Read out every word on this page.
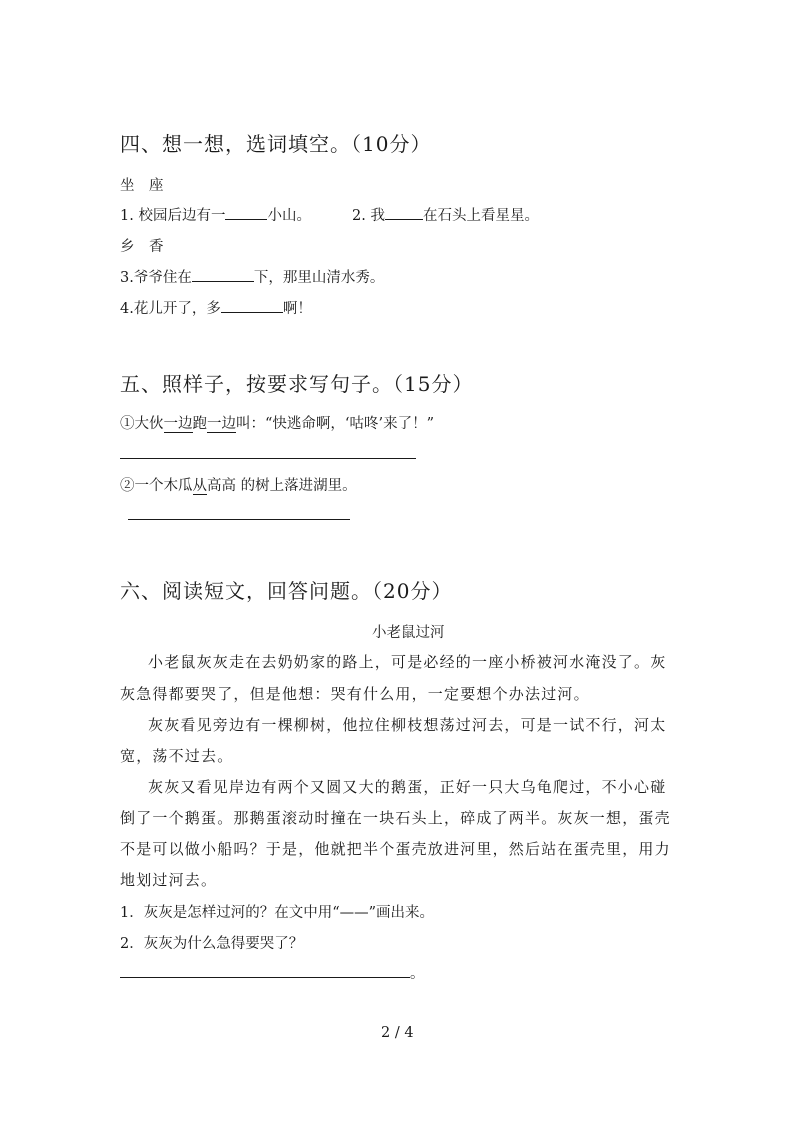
四、想一想，选词填空。（10分）
坐　座
1. 校园后边有一	小山。	2. 我	在石头上看星星。
乡　香
3.爷爷住在	下，那里山清水秀。
4.花儿开了，多	啊！
五、照样子，按要求写句子。（15分）
①大伙一边跑一边叫：“快逃命啊，‘咕咚’来了！”
②一个木瓜从高高 的树上落进湖里。
六、阅读短文，回答问题。（20分）
小老鼠过河
小老鼠灰灰走在去奶奶家的路上，可是必经的一座小桥被河水淹没了。灰
灰急得都要哭了，但是他想：哭有什么用，一定要想个办法过河。
灰灰看见旁边有一棵柳树，他拉住柳枝想荡过河去，可是一试不行，河太
宽，荡不过去。
灰灰又看见岸边有两个又圆又大的鹅蛋，正好一只大乌龟爬过，不小心碰
倒了一个鹅蛋。那鹅蛋滚动时撞在一块石头上，碎成了两半。灰灰一想，蛋壳
不是可以做小船吗？于是，他就把半个蛋壳放进河里，然后站在蛋壳里，用力
地划过河去。
1．灰灰是怎样过河的？在文中用“——”画出来。
2．灰灰为什么急得要哭了？
。
2 / 4
